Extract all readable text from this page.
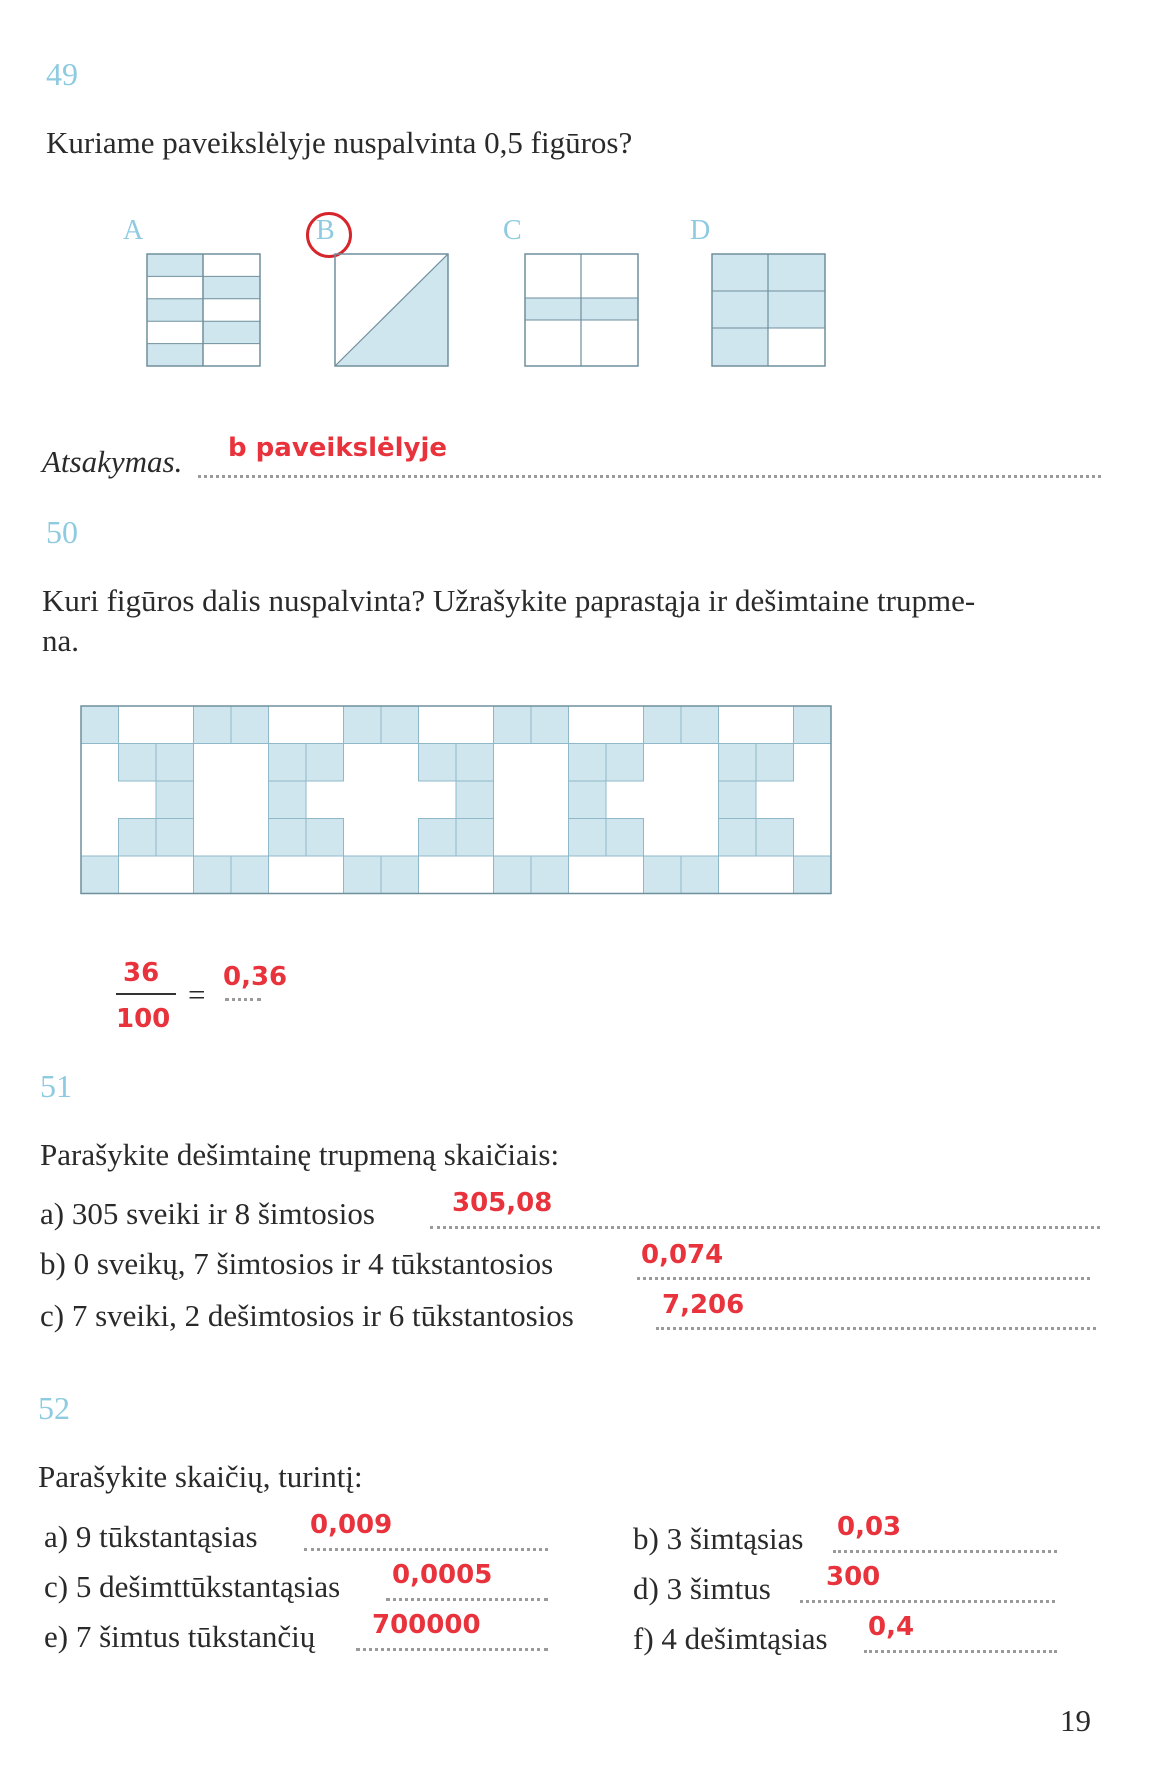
49
Kuriame paveikslėlyje nuspalvinta 0,5 figūros?
A	B	C	D
Atsakymas. b paveikslėlyje
50
Kuri figūros dalis nuspalvinta? Užrašykite paprastąja ir dešimtaine trupme-
na.
36
100
= 0,36
51
Parašykite dešimtainę trupmeną skaičiais:
a) 305 sveiki ir 8 šimtosios	305,08
b) 0 sveikų, 7 šimtosios ir 4 tūkstantosios	0,074
c) 7 sveiki, 2 dešimtosios ir 6 tūkstantosios	7,206
52
Parašykite skaičių, turintį:
a) 9 tūkstantąsias 0,009	b) 3 šimtąsias 0,03
c) 5 dešimttūkstantąsias 0,0005	d) 3 šimtus 300
e) 7 šimtus tūkstančių 700000	f) 4 dešimtąsias 0,4
19
